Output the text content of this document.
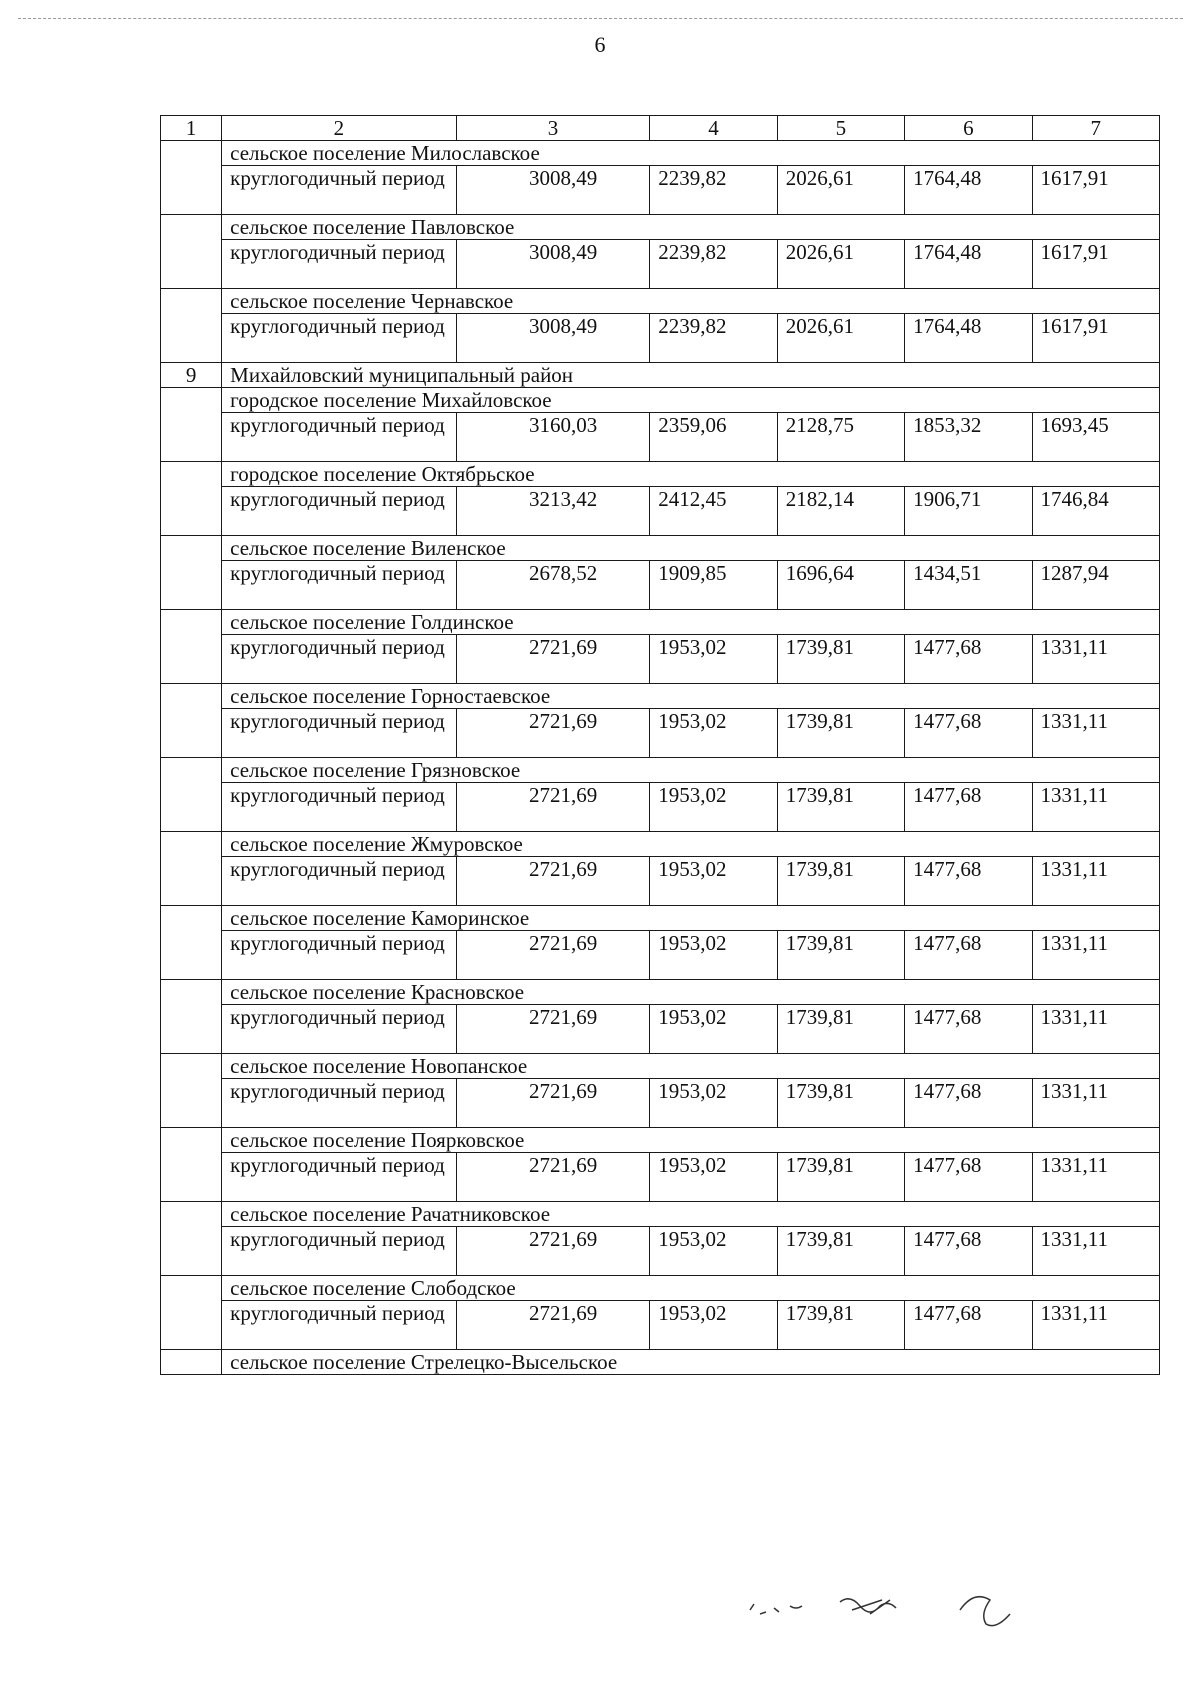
6
1	2	3	4	5	6	7
	сельское поселение Милославское					
	круглогодичный период	3008,49	2239,82	2026,61	1764,48	1617,91
	сельское поселение Павловское					
	круглогодичный период	3008,49	2239,82	2026,61	1764,48	1617,91
	сельское поселение Чернавское					
	круглогодичный период	3008,49	2239,82	2026,61	1764,48	1617,91
9	Михайловский муниципальный район					
	городское поселение Михайловское					
	круглогодичный период	3160,03	2359,06	2128,75	1853,32	1693,45
	городское поселение Октябрьское					
	круглогодичный период	3213,42	2412,45	2182,14	1906,71	1746,84
	сельское поселение Виленское					
	круглогодичный период	2678,52	1909,85	1696,64	1434,51	1287,94
	сельское поселение Голдинское					
	круглогодичный период	2721,69	1953,02	1739,81	1477,68	1331,11
	сельское поселение Горностаевское					
	круглогодичный период	2721,69	1953,02	1739,81	1477,68	1331,11
	сельское поселение Грязновское					
	круглогодичный период	2721,69	1953,02	1739,81	1477,68	1331,11
	сельское поселение Жмуровское					
	круглогодичный период	2721,69	1953,02	1739,81	1477,68	1331,11
	сельское поселение Каморинское					
	круглогодичный период	2721,69	1953,02	1739,81	1477,68	1331,11
	сельское поселение Красновское					
	круглогодичный период	2721,69	1953,02	1739,81	1477,68	1331,11
	сельское поселение Новопанское					
	круглогодичный период	2721,69	1953,02	1739,81	1477,68	1331,11
	сельское поселение Поярковское					
	круглогодичный период	2721,69	1953,02	1739,81	1477,68	1331,11
	сельское поселение Рачатниковское					
	круглогодичный период	2721,69	1953,02	1739,81	1477,68	1331,11
	сельское поселение Слободское					
	круглогодичный период	2721,69	1953,02	1739,81	1477,68	1331,11
	сельское поселение Стрелецко-Высельское					
